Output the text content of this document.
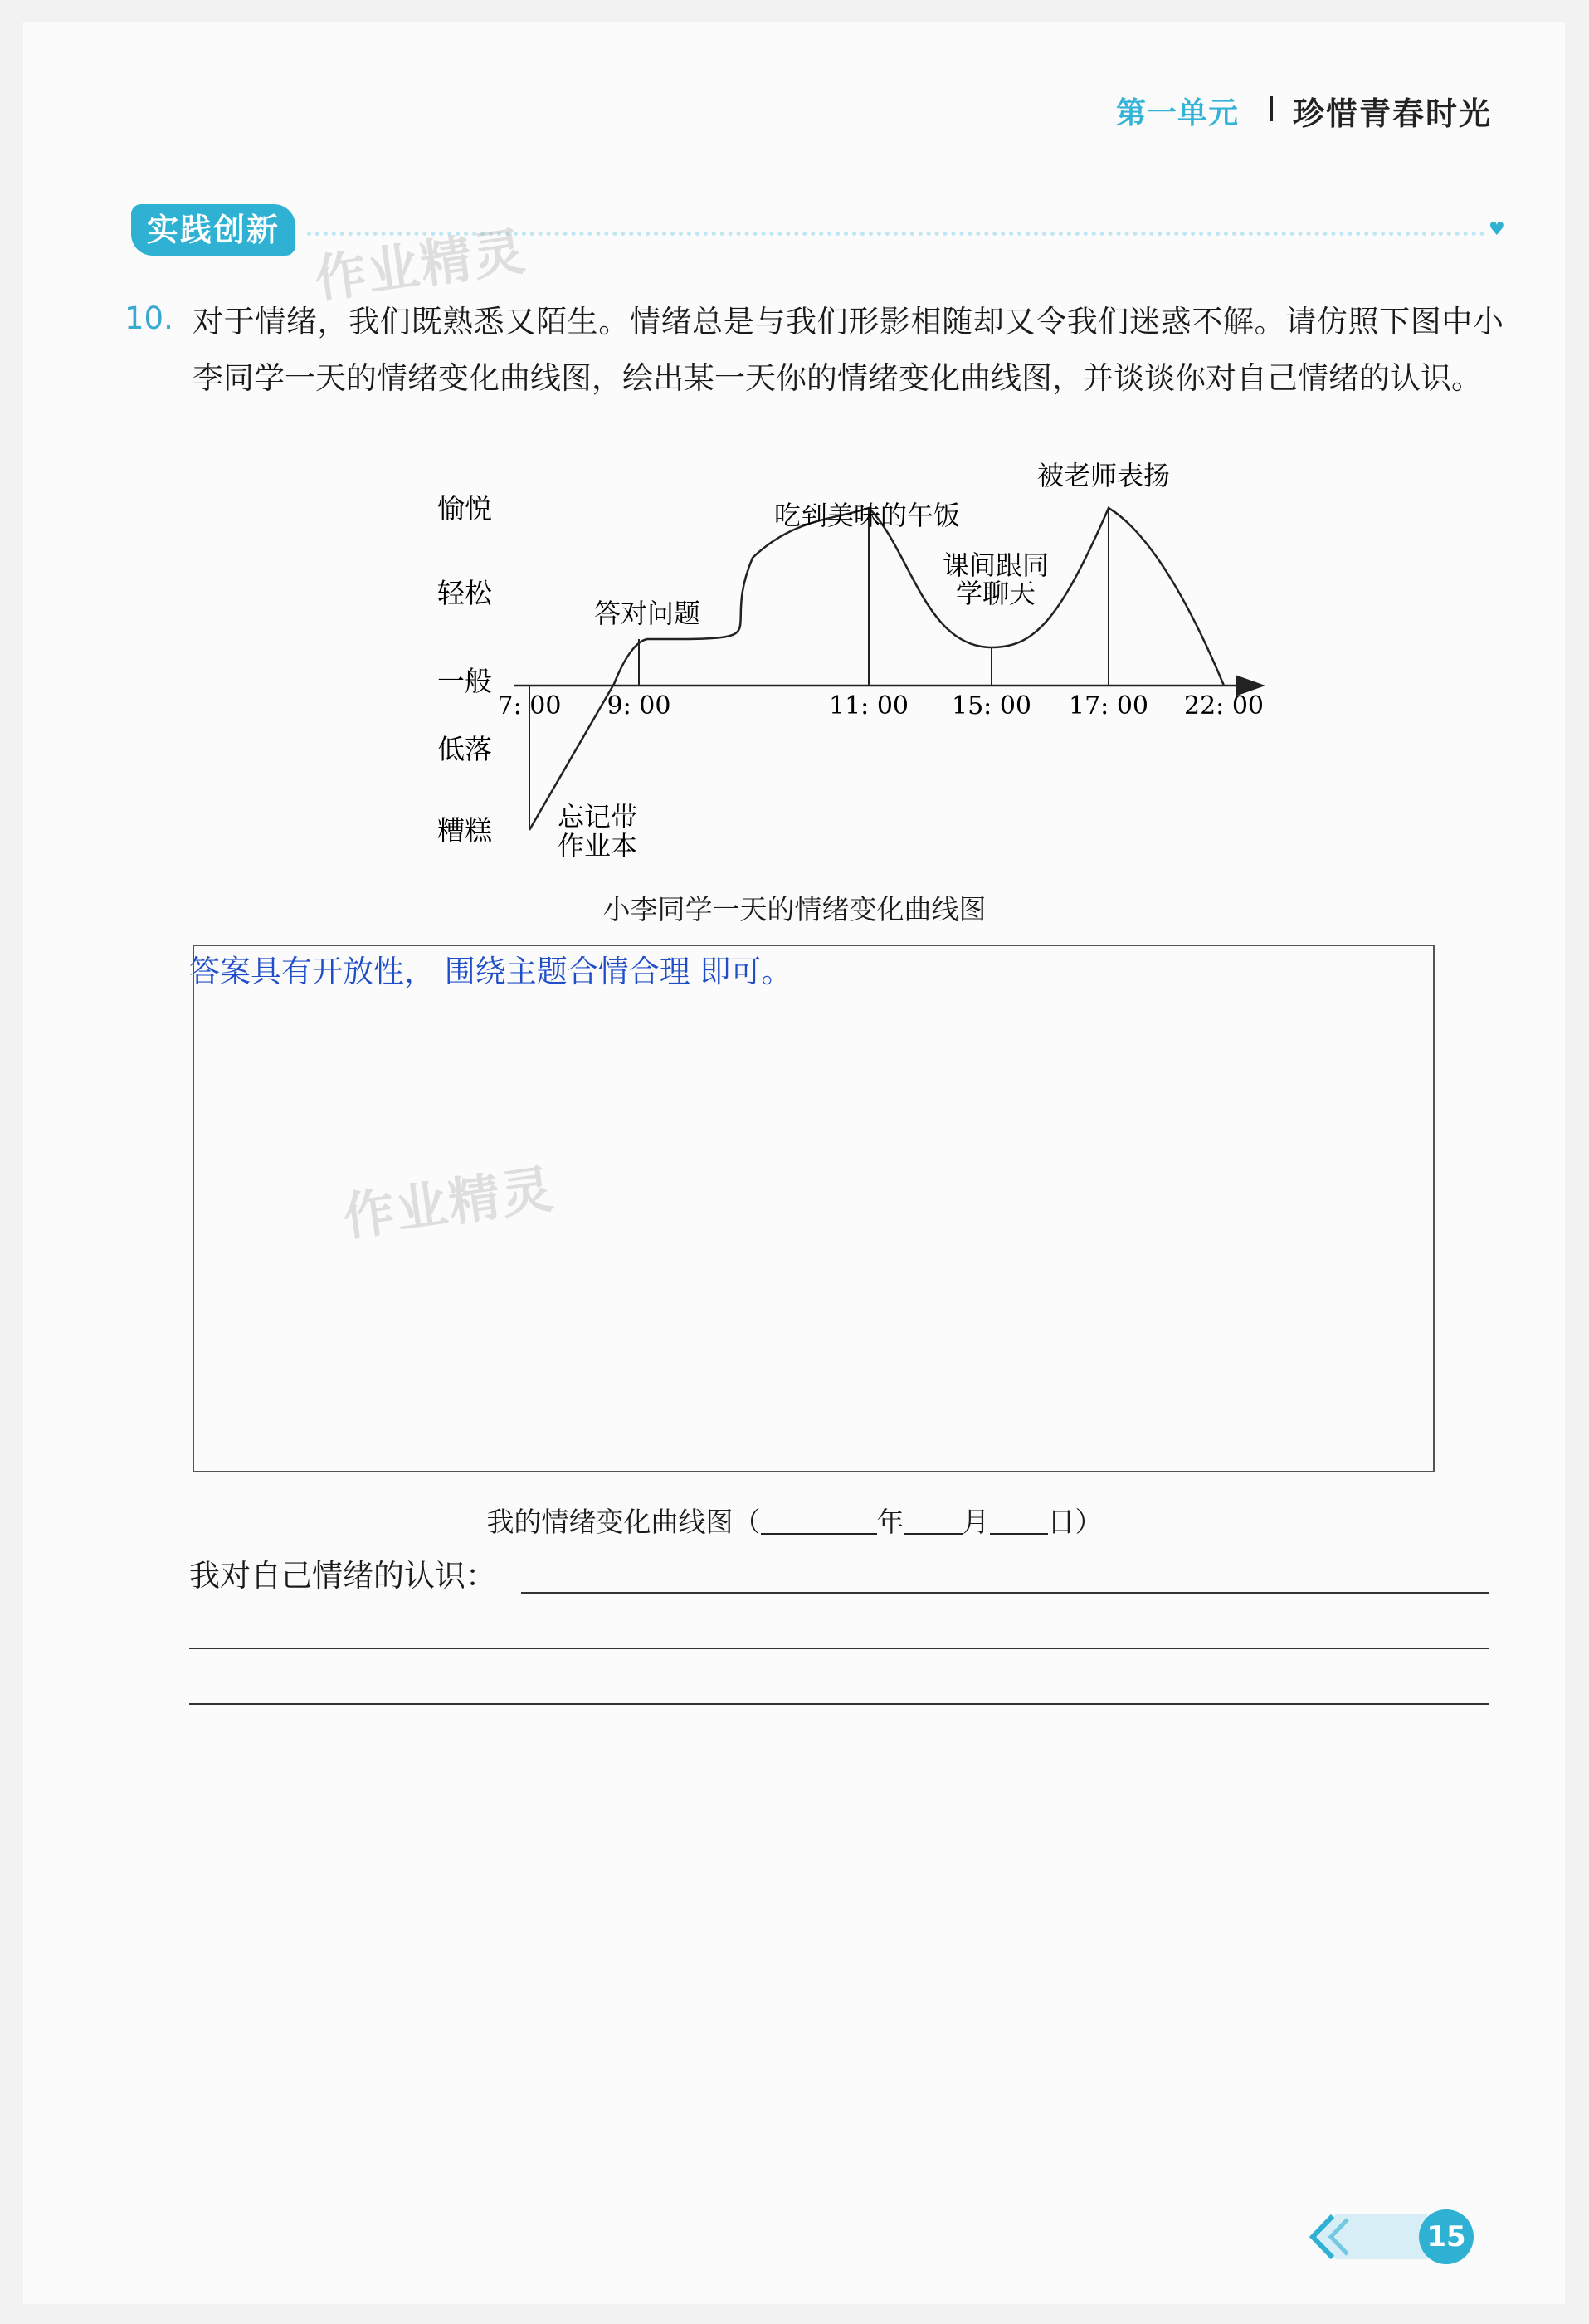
第一单元 珍惜青春时光
实践创新	♥
作业精灵
10. 对于情绪，我们既熟悉又陌生。情绪总是与我们形影相随却又令我们迷惑不解。请仿照下图中小李同学一天的情绪变化曲线图，绘出某一天你的情绪变化曲线图，并谈谈你对自己情绪的认识。
愉悦
轻松
一般
低落
糟糕
7: 00 9: 00	11: 00 15: 00 17: 00 22: 00
忘记带
作业本
答对问题
吃到美味的午饭
课间跟同
学聊天
被老师表扬
小李同学一天的情绪变化曲线图
答案具有开放性， 围绕主题合情合理 即可。
作业精灵
我的情绪变化曲线图（	年 月 日）
我对自己情绪的认识：
15
